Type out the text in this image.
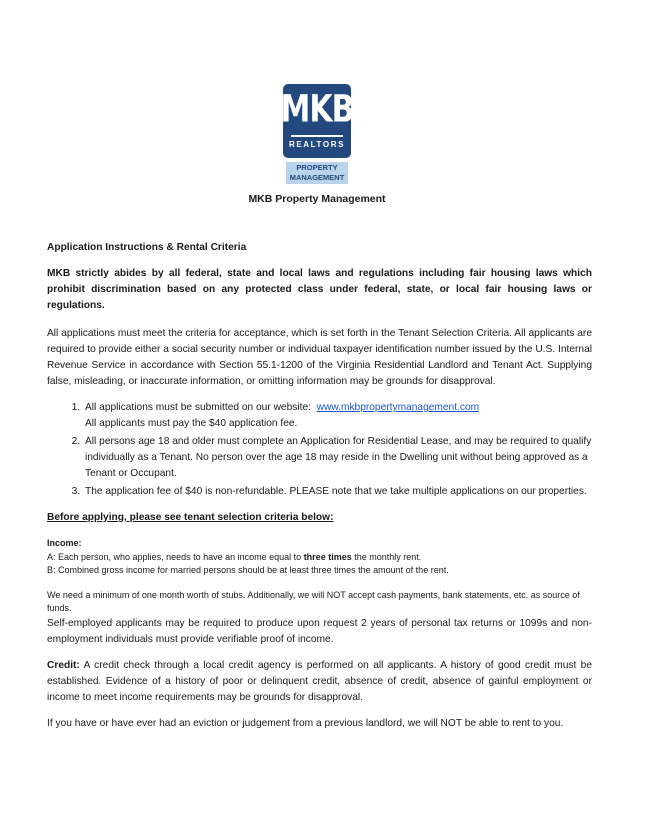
MKB
REALTORS
PROPERTY
MANAGEMENT
MKB Property Management

Application Instructions & Rental Criteria

MKB strictly abides by all federal, state and local laws and regulations including fair housing laws which prohibit discrimination based on any protected class under federal, state, or local fair housing laws or regulations.

All applications must meet the criteria for acceptance, which is set forth in the Tenant Selection Criteria. All applicants are required to provide either a social security number or individual taxpayer identification number issued by the U.S. Internal Revenue Service in accordance with Section 55.1-1200 of the Virginia Residential Landlord and Tenant Act. Supplying false, misleading, or inaccurate information, or omitting information may be grounds for disapproval.

1. All applications must be submitted on our website: www.mkbpropertymanagement.com
All applicants must pay the $40 application fee.
2. All persons age 18 and older must complete an Application for Residential Lease, and may be required to qualify individually as a Tenant. No person over the age 18 may reside in the Dwelling unit without being approved as a Tenant or Occupant.
3. The application fee of $40 is non-refundable. PLEASE note that we take multiple applications on our properties.

Before applying, please see tenant selection criteria below:

Income:
A: Each person, who applies, needs to have an income equal to three times the monthly rent.
B: Combined gross income for married persons should be at least three times the amount of the rent.

We need a minimum of one month worth of stubs. Additionally, we will NOT accept cash payments, bank statements, etc. as source of funds.

Self-employed applicants may be required to produce upon request 2 years of personal tax returns or 1099s and non-employment individuals must provide verifiable proof of income.

Credit: A credit check through a local credit agency is performed on all applicants. A history of good credit must be established. Evidence of a history of poor or delinquent credit, absence of credit, absence of gainful employment or income to meet income requirements may be grounds for disapproval.

If you have or have ever had an eviction or judgement from a previous landlord, we will NOT be able to rent to you.
